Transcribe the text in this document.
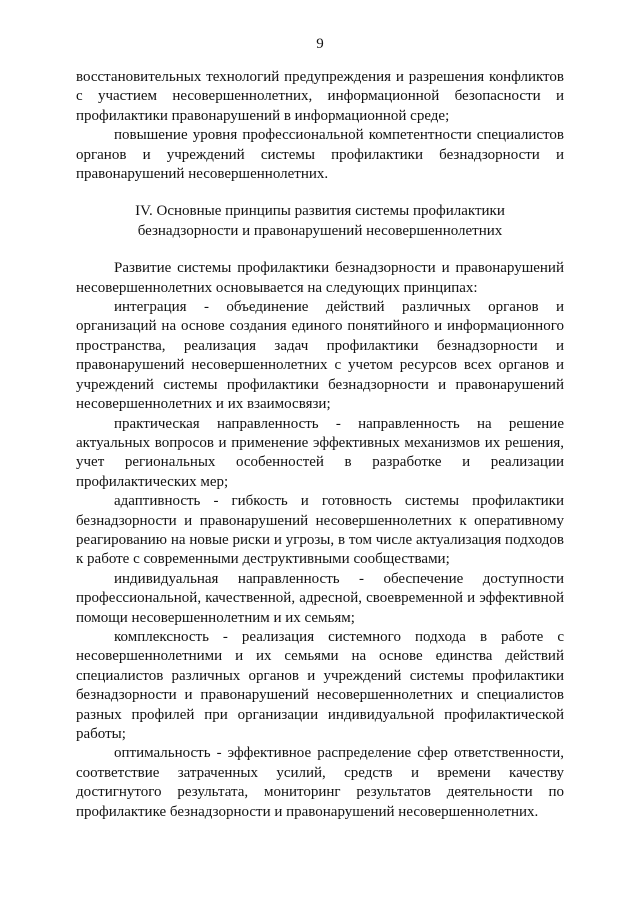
9

восстановительных технологий предупреждения и разрешения конфликтов с участием несовершеннолетних, информационной безопасности и профилактики правонарушений в информационной среде;

повышение уровня профессиональной компетентности специалистов органов и учреждений системы профилактики безнадзорности и правонарушений несовершеннолетних.

IV. Основные принципы развития системы профилактики
безнадзорности и правонарушений несовершеннолетних

Развитие системы профилактики безнадзорности и правонарушений несовершеннолетних основывается на следующих принципах:

интеграция - объединение действий различных органов и организаций на основе создания единого понятийного и информационного пространства, реализация задач профилактики безнадзорности и правонарушений несовершеннолетних с учетом ресурсов всех органов и учреждений системы профилактики безнадзорности и правонарушений несовершеннолетних и их взаимосвязи;

практическая направленность - направленность на решение актуальных вопросов и применение эффективных механизмов их решения, учет региональных особенностей в разработке и реализации профилактических мер;

адаптивность - гибкость и готовность системы профилактики безнадзорности и правонарушений несовершеннолетних к оперативному реагированию на новые риски и угрозы, в том числе актуализация подходов к работе с современными деструктивными сообществами;

индивидуальная направленность - обеспечение доступности профессиональной, качественной, адресной, своевременной и эффективной помощи несовершеннолетним и их семьям;

комплексность - реализация системного подхода в работе с несовершеннолетними и их семьями на основе единства действий специалистов различных органов и учреждений системы профилактики безнадзорности и правонарушений несовершеннолетних и специалистов разных профилей при организации индивидуальной профилактической работы;

оптимальность - эффективное распределение сфер ответственности, соответствие затраченных усилий, средств и времени качеству достигнутого результата, мониторинг результатов деятельности по профилактике безнадзорности и правонарушений несовершеннолетних.
